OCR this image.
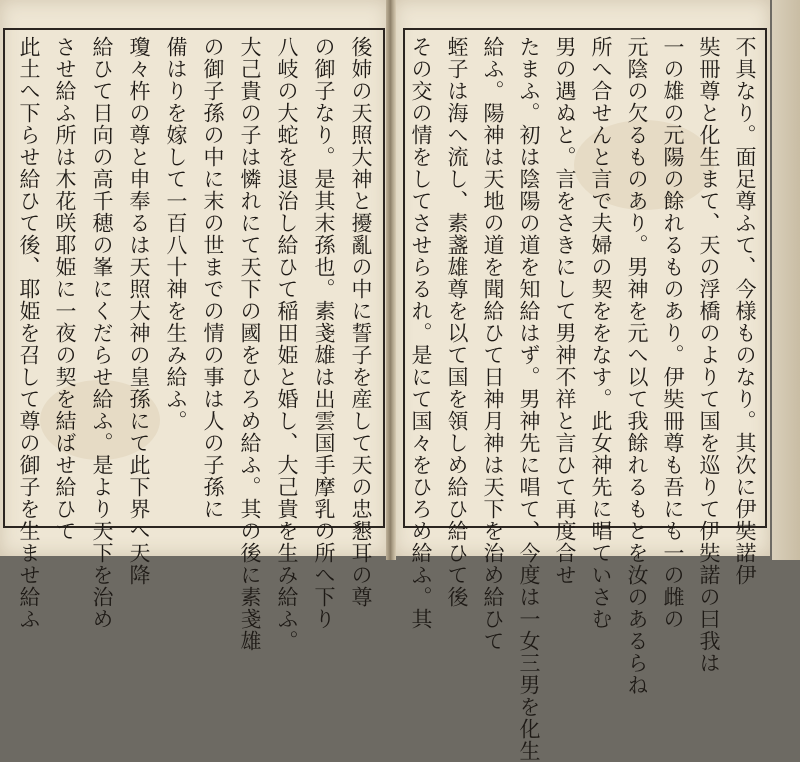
不具なり。面足尊ふて、今様ものなり。其次に伊奘諾伊
奘冊尊と化生まて、天の浮橋のよりて国を巡りて伊奘諾の曰我は
一の雄の元陽の餘れるものあり。伊奘冊尊も吾にも一の雌の
元陰の欠るものあり。男神を元へ以て我餘れるもとを汝のあるらね
所へ合せんと言で夫婦の契ををなす。此女神先に唱ていさむ
男の遇ぬと。言をさきにして男神不祥と言ひて再度合せ
たまふ。初は陰陽の道を知給はず。男神先に唱て、今度は一女三男を化生
給ふ。陽神は天地の道を聞給ひて日神月神は天下を治め給ひて
蛭子は海へ流し、素盞雄尊を以て国を領しめ給ひ給ひて後
その交の情をしてさせらるれ。是にて国々をひろめ給ふ。其
後姉の天照大神と擾亂の中に誓子を産して天の忠懇耳の尊
の御子なり。是其末孫也。素戔雄は出雲国手摩乳の所へ下り
八岐の大蛇を退治し給ひて稲田姫と婚し、大己貴を生み給ふ。
大己貴の子は憐れにて天下の國をひろめ給ふ。其の後に素戔雄
の御子孫の中に末の世までの情の事は人の子孫に
備はりを嫁して一百八十神を生み給ふ。
瓊々杵の尊と申奉るは天照大神の皇孫にて此下界へ天降
給ひて日向の高千穂の峯にくだらせ給ふ。是より天下を治め
させ給ふ所は木花咲耶姫に一夜の契を結ばせ給ひて
此土へ下らせ給ひて後、耶姫を召して尊の御子を生ませ給ふ
